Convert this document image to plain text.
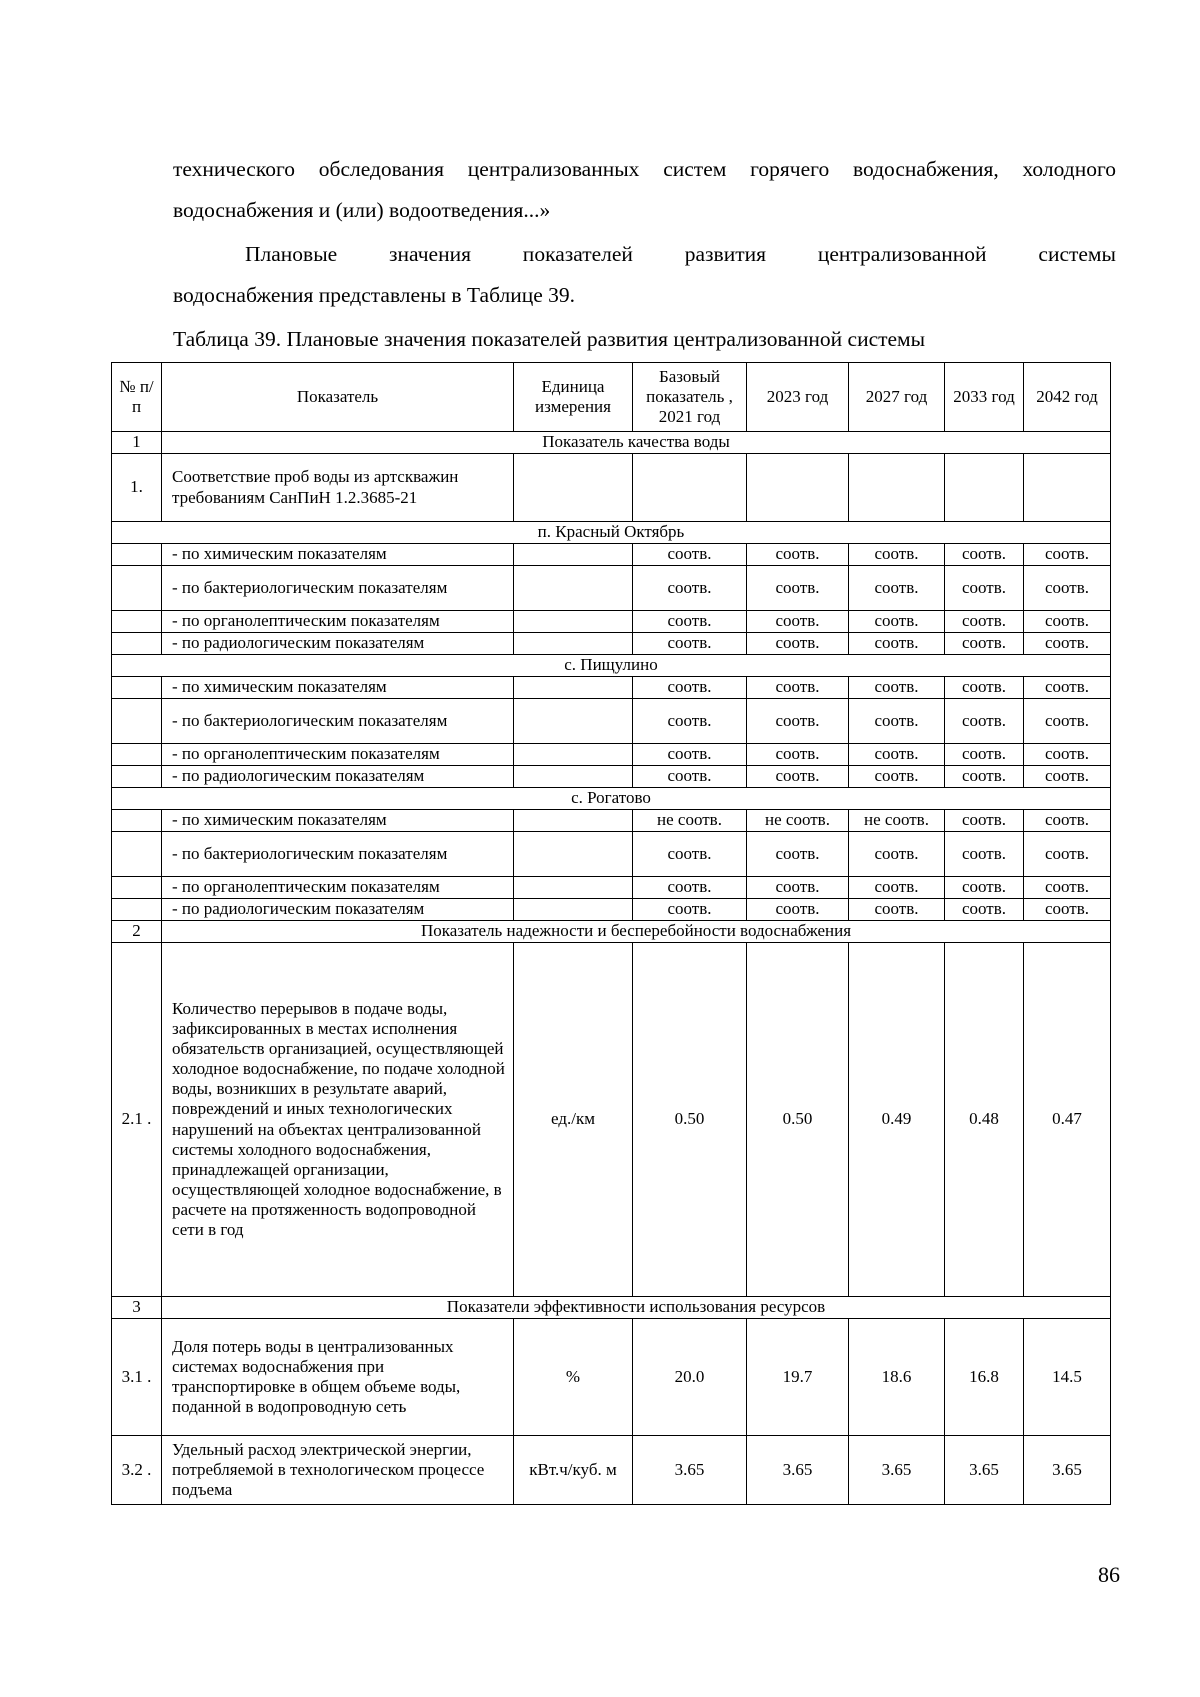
технического обследования централизованных систем горячего водоснабжения, холодного
водоснабжения и (или) водоотведения...»
Плановые значения показателей развития централизованной системы
водоснабжения представлены в Таблице 39.
Таблица 39. Плановые значения показателей развития централизованной системы
№ п/п	Показатель	Единица измерения	Базовый показатель , 2021 год	2023 год	2027 год	2033 год	2042 год
1	Показатель качества воды						
1.	Соответствие проб воды из артскважин требованиям СанПиН 1.2.3685-21						
п. Красный Октябрь							
	- по химическим показателям		соотв.	соотв.	соотв.	соотв.	соотв.
	- по бактериологическим показателям		соотв.	соотв.	соотв.	соотв.	соотв.
	- по органолептическим показателям		соотв.	соотв.	соотв.	соотв.	соотв.
	- по радиологическим показателям		соотв.	соотв.	соотв.	соотв.	соотв.
с. Пищулино							
	- по химическим показателям		соотв.	соотв.	соотв.	соотв.	соотв.
	- по бактериологическим показателям		соотв.	соотв.	соотв.	соотв.	соотв.
	- по органолептическим показателям		соотв.	соотв.	соотв.	соотв.	соотв.
	- по радиологическим показателям		соотв.	соотв.	соотв.	соотв.	соотв.
с. Рогатово							
	- по химическим показателям		не соотв.	не соотв.	не соотв.	соотв.	соотв.
	- по бактериологическим показателям		соотв.	соотв.	соотв.	соотв.	соотв.
	- по органолептическим показателям		соотв.	соотв.	соотв.	соотв.	соотв.
	- по радиологическим показателям		соотв.	соотв.	соотв.	соотв.	соотв.
2	Показатель надежности и бесперебойности водоснабжения						
2.1 .	Количество перерывов в подаче воды, зафиксированных в местах исполнения обязательств организацией, осуществляющей холодное водоснабжение, по подаче холодной воды, возникших в результате аварий, повреждений и иных технологических нарушений на объектах централизованной системы холодного водоснабжения, принадлежащей организации, осуществляющей холодное водоснабжение, в расчете на протяженность водопроводной сети в год	ед./км	0.50	0.50	0.49	0.48	0.47
3	Показатели эффективности использования ресурсов						
3.1 .	Доля потерь воды в централизованных системах водоснабжения при транспортировке в общем объеме воды, поданной в водопроводную сеть	%	20.0	19.7	18.6	16.8	14.5
3.2 .	Удельный расход электрической энергии, потребляемой в технологическом процессе подъема	кВт.ч/куб. м	3.65	3.65	3.65	3.65	3.65
86
